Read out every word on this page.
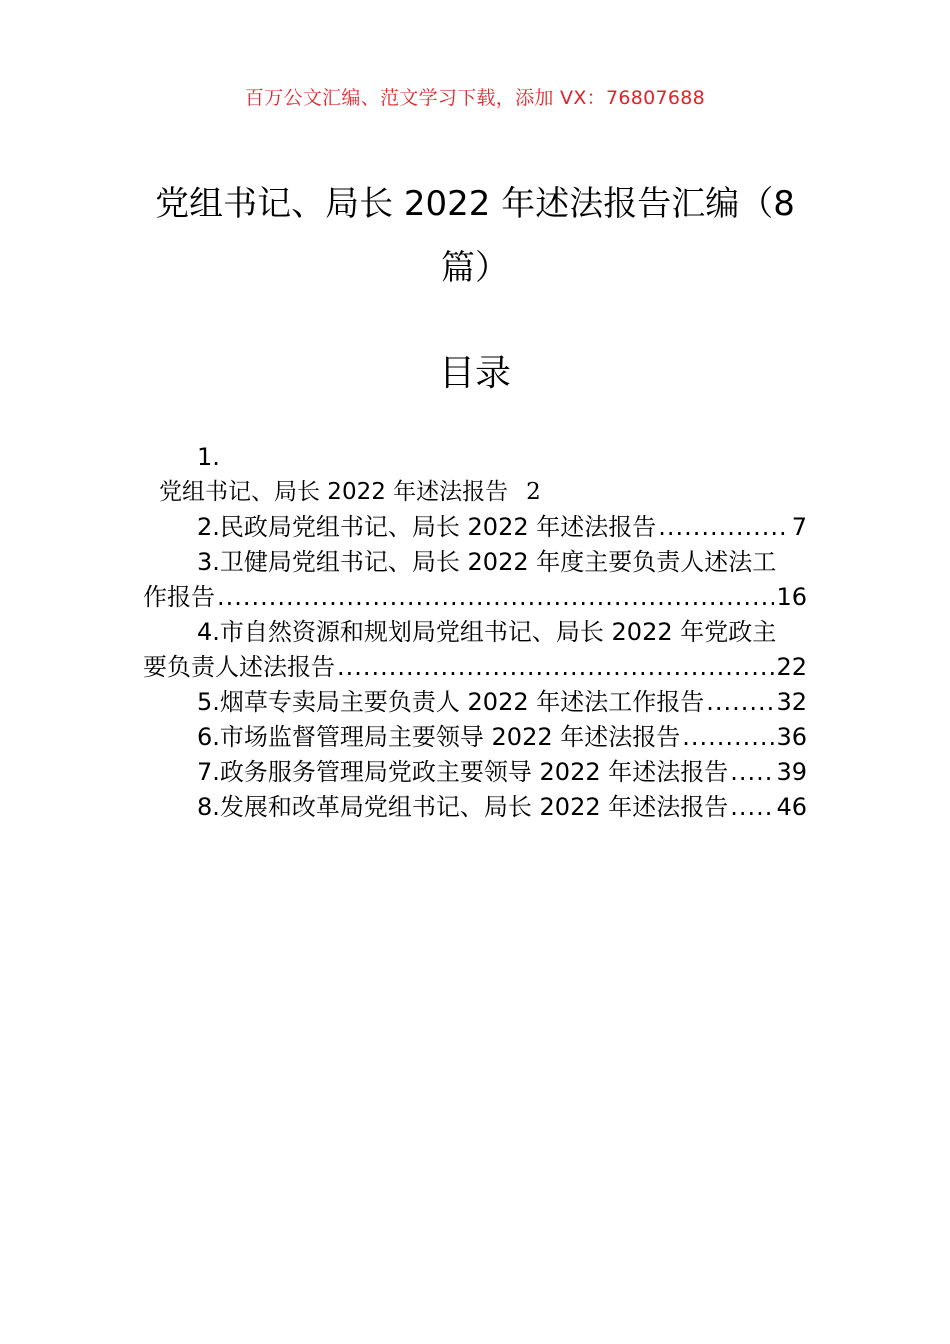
百万公文汇编、范文学习下载，添加 VX：76807688
党组书记、局长 2022 年述法报告汇编（8 篇）
目录
1.
党组书记、局长 2022 年述法报告 2
2. 民政局党组书记、局长 2022 年述法报告 .....	7
3.卫健局党组书记、局长 2022 年度主要负责人述法工
作报告 .....	16
4.市自然资源和规划局党组书记、局长 2022 年党政主
要负责人述法报告 .....	22
5. 烟草专卖局主要负责人 2022 年述法工作报告 .....	32
6. 市场监督管理局主要领导 2022 年述法报告 .....	36
7. 政务服务管理局党政主要领导 2022 年述法报告 ..... 39
8. 发展和改革局党组书记、局长 2022 年述法报告 ..... 46
